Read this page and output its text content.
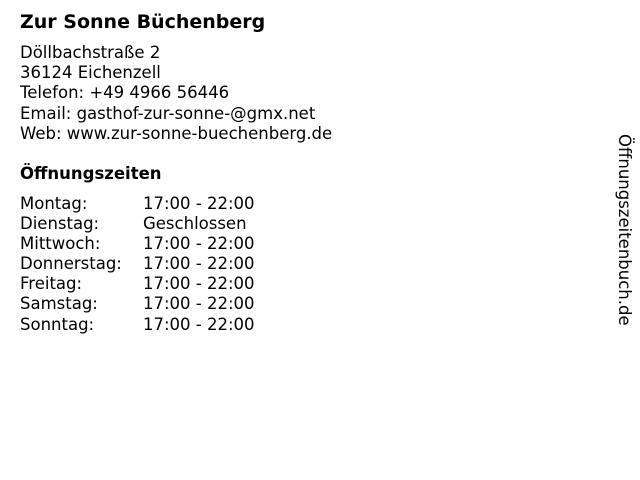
Zur Sonne Büchenberg
Döllbachstraße 2
36124 Eichenzell
Telefon: +49 4966 56446
Email: gasthof-zur-sonne-@gmx.net
Web: www.zur-sonne-buechenberg.de
Öffnungszeiten
Montag:	17:00 - 22:00
Dienstag:	Geschlossen
Mittwoch:	17:00 - 22:00
Donnerstag: 17:00 - 22:00
Freitag:	17:00 - 22:00
Samstag:	17:00 - 22:00
Sonntag:	17:00 - 22:00	Öffnungszeitenbuch.de
